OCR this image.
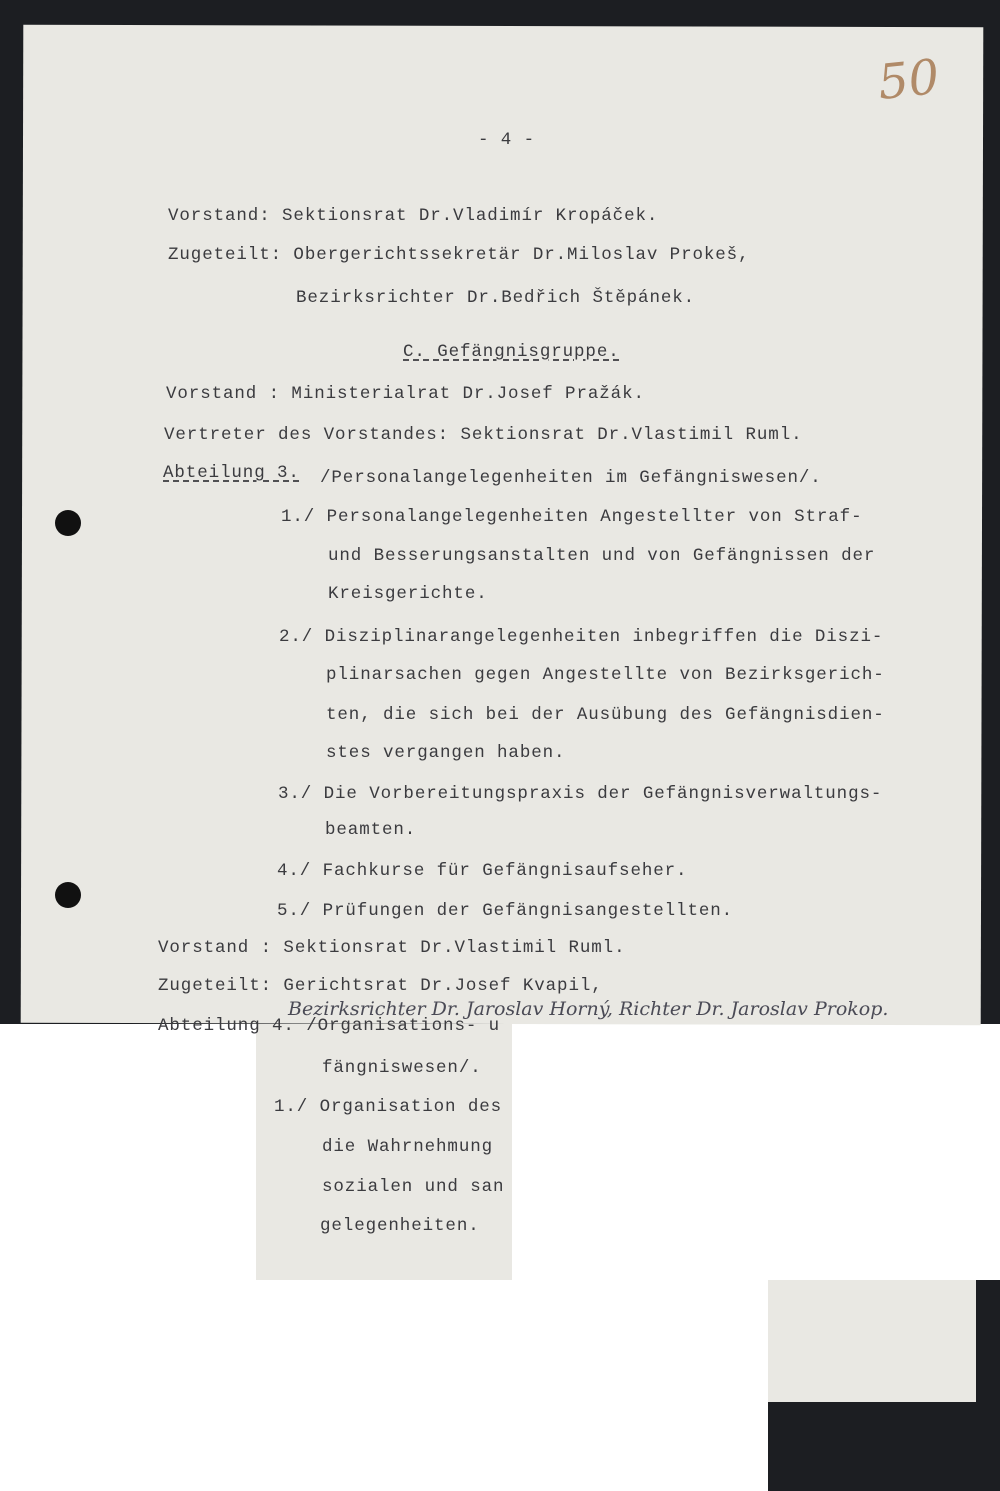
50
- 4 -
Vorstand: Sektionsrat Dr.Vladimír Kropáček.
Zugeteilt: Obergerichtssekretär Dr.Miloslav Prokeš,
Bezirksrichter Dr.Bedřich Štěpánek.
C. Gefängnisgruppe.
Vorstand : Ministerialrat Dr.Josef Pražák.
Vertreter des Vorstandes: Sektionsrat Dr.Vlastimil Ruml.
Abteilung 3. /Personalangelegenheiten im Gefängniswesen/.
1./ Personalangelegenheiten Angestellter von Straf-
und Besserungsanstalten und von Gefängnissen der
Kreisgerichte.
2./ Disziplinarangelegenheiten inbegriffen die Diszi-
plinarsachen gegen Angestellte von Bezirksgerich-
ten, die sich bei der Ausübung des Gefängnisdien-
stes vergangen haben.
3./ Die Vorbereitungspraxis der Gefängnisverwaltungs-
beamten.
4./ Fachkurse für Gefängnisaufseher.
5./ Prüfungen der Gefängnisangestellten.
Vorstand : Sektionsrat Dr.Vlastimil Ruml.
Zugeteilt: Gerichtsrat Dr.Josef Kvapil,
Bezirksrichter Dr. Jaroslav Horný, Richter Dr. Jaroslav Prokop.
Abteilung 4. /Organisations- u
fängniswesen/.
1./ Organisation des
die Wahrnehmung
sozialen und san
gelegenheiten.
